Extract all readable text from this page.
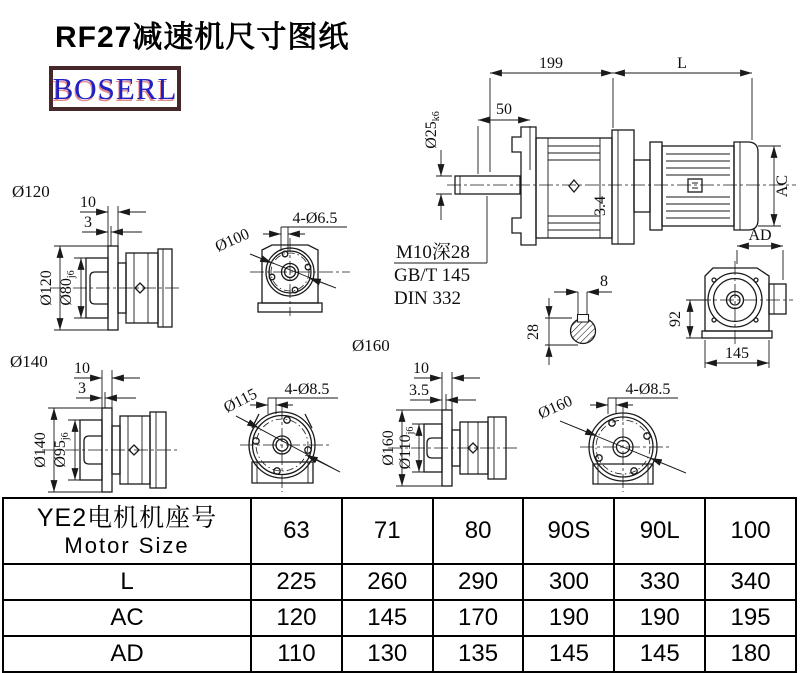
RF27减速机尺寸图纸
BOSERL
199	L
50
Ø25k6
AC
AD
3.4
M10深28
GB/T 145
DIN 332
8
28
92
145
Ø120
10
3
Ø120 Ø80j6
4-Ø6.5
Ø100
Ø140 10
3
Ø140 Ø95j6
4-Ø8.5
Ø115
Ø160
10
3.5
Ø160 Ø110j6
4-Ø8.5
Ø160
YE2电机机座号
Motor Size	63	71	80	90S	90L	100
L	225	260	290	300	330	340
AC	120	145	170	190	190	195
AD	110	130	135	145	145	180
